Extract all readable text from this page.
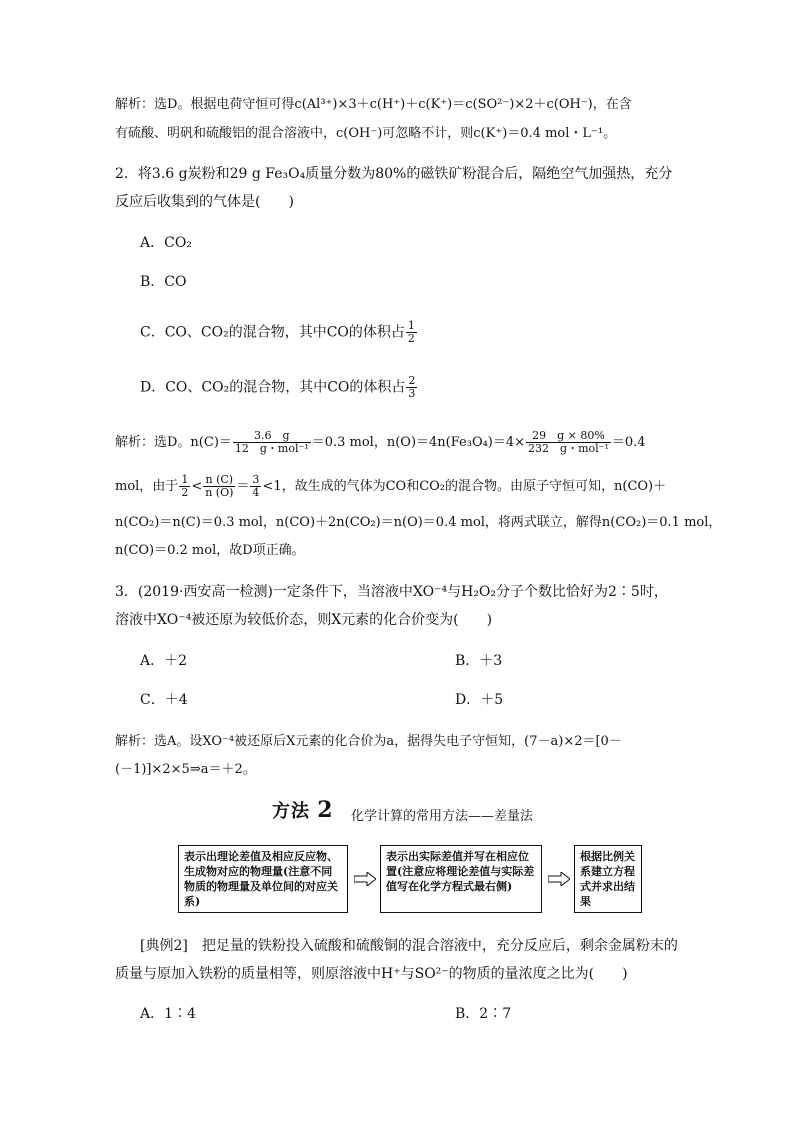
解析：选D。根据电荷守恒可得c(Al³⁺)×3＋c(H⁺)＋c(K⁺)＝c(SO²⁻)×2＋c(OH⁻)，在含
有硫酸、明矾和硫酸铝的混合溶液中，c(OH⁻)可忽略不计，则c(K⁺)＝0.4 mol・L⁻¹。
2．将3.6 g炭粉和29 g Fe₃O₄质量分数为80%的磁铁矿粉混合后，隔绝空气加强热，充分
反应后收集到的气体是(　　)
A．CO₂
B．CO
C．CO、CO₂的混合物，其中CO的体积占 $\frac{1}{2}$
D．CO、CO₂的混合物，其中CO的体积占 $\frac{2}{3}$
解析：选D。$n(C)= \frac{3.6 g}{\text{12　g・mol⁻¹}} =0.3$ mol，$n(O)=4n(Fe_3O_4)=4\times \frac{29 g \times 80\%}{\text{232　g・mol⁻¹}} =0.4$
mol，由于 $\frac{1}{2} < \frac{n (C)}{n (O)} = \frac{3}{4} <1$，故生成的气体为CO和CO₂的混合物。由原子守恒可知，n(CO)＋
n(CO₂)＝n(C)＝0.3 mol，n(CO)＋2n(CO₂)＝n(O)＝0.4 mol，将两式联立，解得n(CO₂)＝0.1 mol，
n(CO)＝0.2 mol，故D项正确。
3．(2019·西安高一检测)一定条件下，当溶液中XO⁻⁴与H₂O₂分子个数比恰好为2∶5时，
溶液中XO⁻⁴被还原为较低价态，则X元素的化合价变为(　　)
A．＋2	B．＋3
C．＋4	D．＋5
解析：选A。设XO⁻⁴被还原后X元素的化合价为a，据得失电子守恒知，(7－a)×2＝[0－
(－1)]×2×5⇒a＝＋2。
方法 2 化学计算的常用方法——差量法
表示出理论差值及相应反应物、生成物对应的物理量(注意不同物质的物理量及单位间的对应关系)
表示出实际差值并写在相应位置(注意应将理论差值与实际差值写在化学方程式最右侧)
根据比例关系建立方程式并求出结果
[典例2]　把足量的铁粉投入硫酸和硫酸铜的混合溶液中，充分反应后，剩余金属粉末的
质量与原加入铁粉的质量相等，则原溶液中H⁺与SO²⁻的物质的量浓度之比为(　　)
A．1∶4	B．2∶7
